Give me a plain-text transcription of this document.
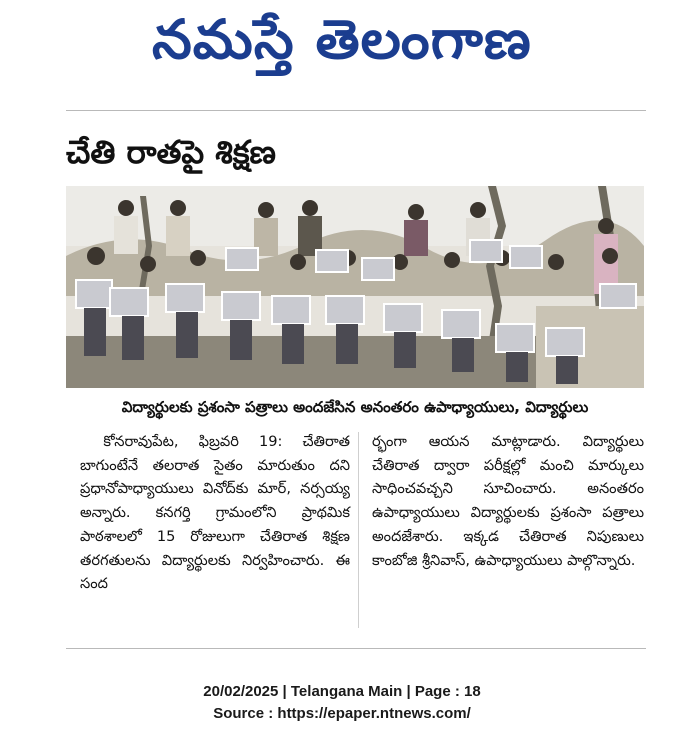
నమస్తే తెలంగాణ
చేతి రాతపై శిక్షణ
విద్యార్థులకు ప్రశంసా పత్రాలు అందజేసిన అనంతరం ఉపాధ్యాయులు, విద్యార్థులు

కోనరావుపేట, ఫిబ్రవరి 19: చేతిరాత బాగుంటేనే తలరాత సైతం మారుతుం దని ప్రధానోపాధ్యాయులు వినోద్‌కు మార్, నర్సయ్య అన్నారు. కనగర్తి గ్రామంలోని ప్రాథమిక పాఠశాలలో 15 రోజులుగా చేతిరాత శిక్షణ తరగతులను విద్యార్థులకు నిర్వహించారు. ఈ సంద

ర్భంగా ఆయన మాట్లాడారు. విద్యార్థులు చేతిరాత ద్వారా పరీక్షల్లో మంచి మార్కులు సాధించవచ్చని సూచించారు. అనంతరం ఉపాధ్యాయులు విద్యార్థులకు ప్రశంసా పత్రాలు అందజేశారు. ఇక్కడ చేతిరాత నిపుణులు కాంబోజి శ్రీనివాస్, ఉపాధ్యాయులు పాల్గొన్నారు.

20/02/2025 | Telangana Main | Page : 18
Source : https://epaper.ntnews.com/
